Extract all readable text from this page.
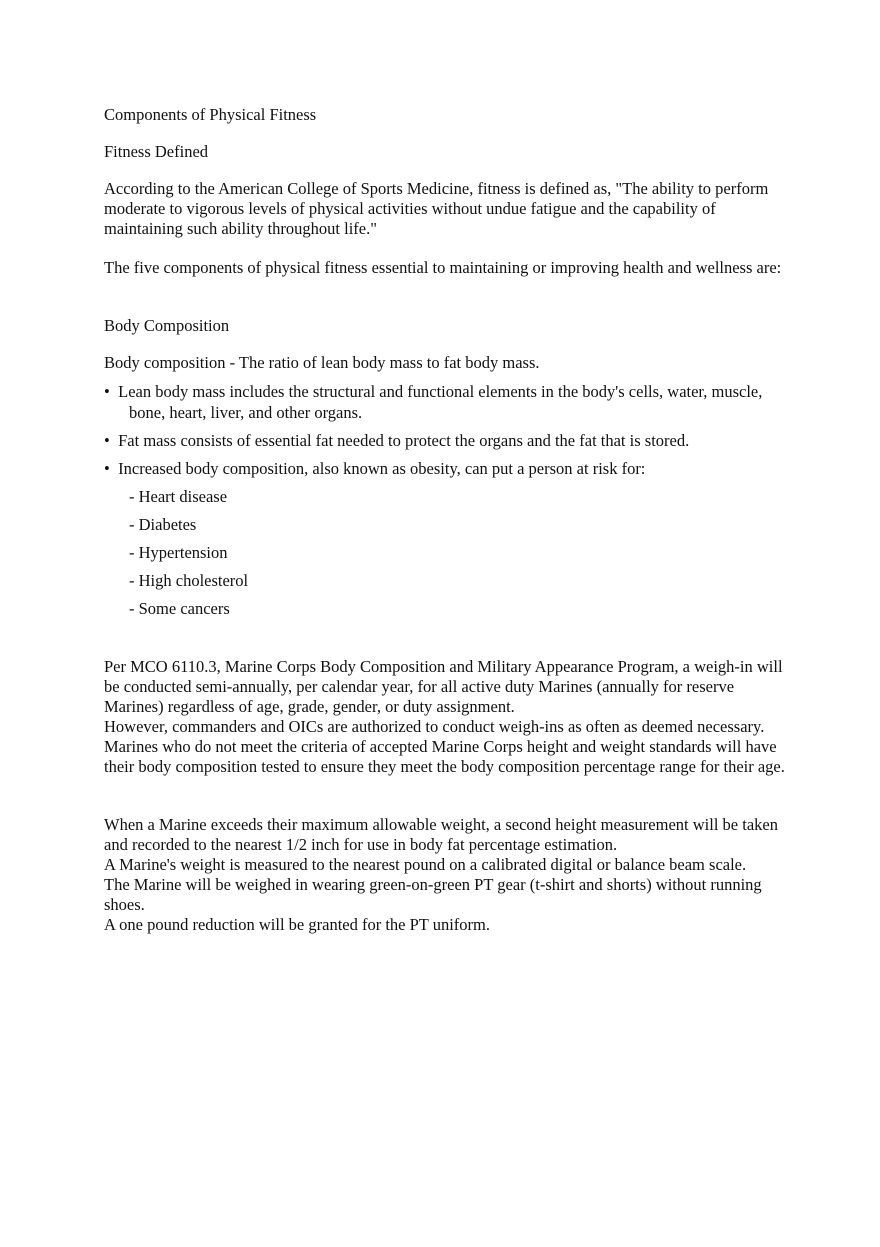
Components of Physical Fitness
Fitness Defined

According to the American College of Sports Medicine, fitness is defined as, "The ability to perform moderate to vigorous levels of physical activities without undue fatigue and the capability of maintaining such ability throughout life."

The five components of physical fitness essential to maintaining or improving health and wellness are:

Body Composition

Body composition - The ratio of lean body mass to fat body mass.

• Lean body mass includes the structural and functional elements in the body's cells, water, muscle, bone, heart, liver, and other organs.
• Fat mass consists of essential fat needed to protect the organs and the fat that is stored.
• Increased body composition, also known as obesity, can put a person at risk for:
- Heart disease
- Diabetes
- Hypertension
- High cholesterol
- Some cancers

Per MCO 6110.3, Marine Corps Body Composition and Military Appearance Program, a weigh-in will be conducted semi-annually, per calendar year, for all active duty Marines (annually for reserve Marines) regardless of age, grade, gender, or duty assignment.

However, commanders and OICs are authorized to conduct weigh-ins as often as deemed necessary.

Marines who do not meet the criteria of accepted Marine Corps height and weight standards will have their body composition tested to ensure they meet the body composition percentage range for their age.

When a Marine exceeds their maximum allowable weight, a second height measurement will be taken and recorded to the nearest 1/2 inch for use in body fat percentage estimation.

A Marine's weight is measured to the nearest pound on a calibrated digital or balance beam scale.

The Marine will be weighed in wearing green-on-green PT gear (t-shirt and shorts) without running shoes.

A one pound reduction will be granted for the PT uniform.
